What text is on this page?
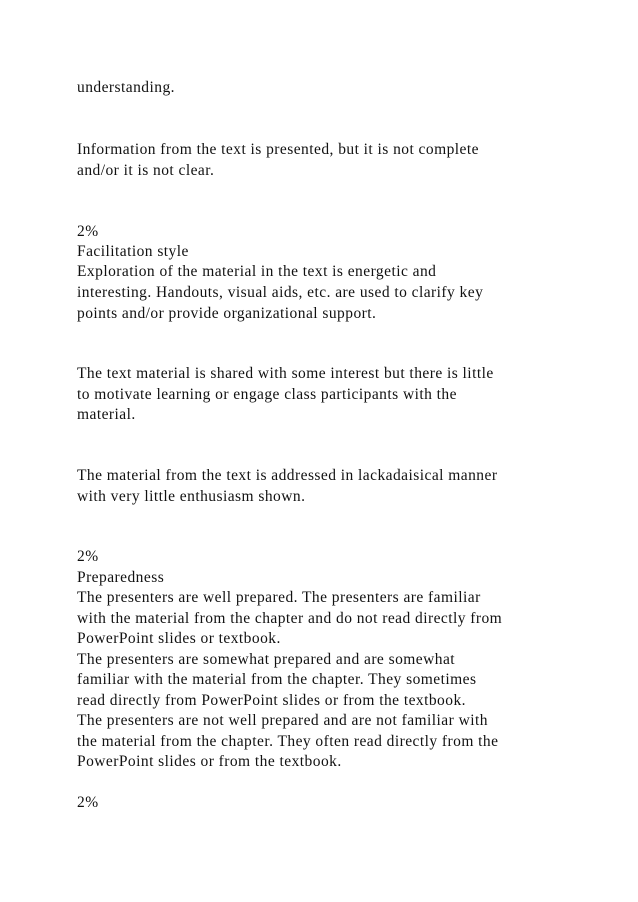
understanding.

Information from the text is presented, but it is not complete

and/or it is not clear.

2%

Facilitation style

Exploration of the material in the text is energetic and

interesting. Handouts, visual aids, etc. are used to clarify key

points and/or provide organizational support.

The text material is shared with some interest but there is little

to motivate learning or engage class participants with the

material.

The material from the text is addressed in lackadaisical manner

with very little enthusiasm shown.

2%

Preparedness

The presenters are well prepared. The presenters are familiar

with the material from the chapter and do not read directly from

PowerPoint slides or textbook.

The presenters are somewhat prepared and are somewhat

familiar with the material from the chapter. They sometimes

read directly from PowerPoint slides or from the textbook.

The presenters are not well prepared and are not familiar with

the material from the chapter. They often read directly from the

PowerPoint slides or from the textbook.

2%
